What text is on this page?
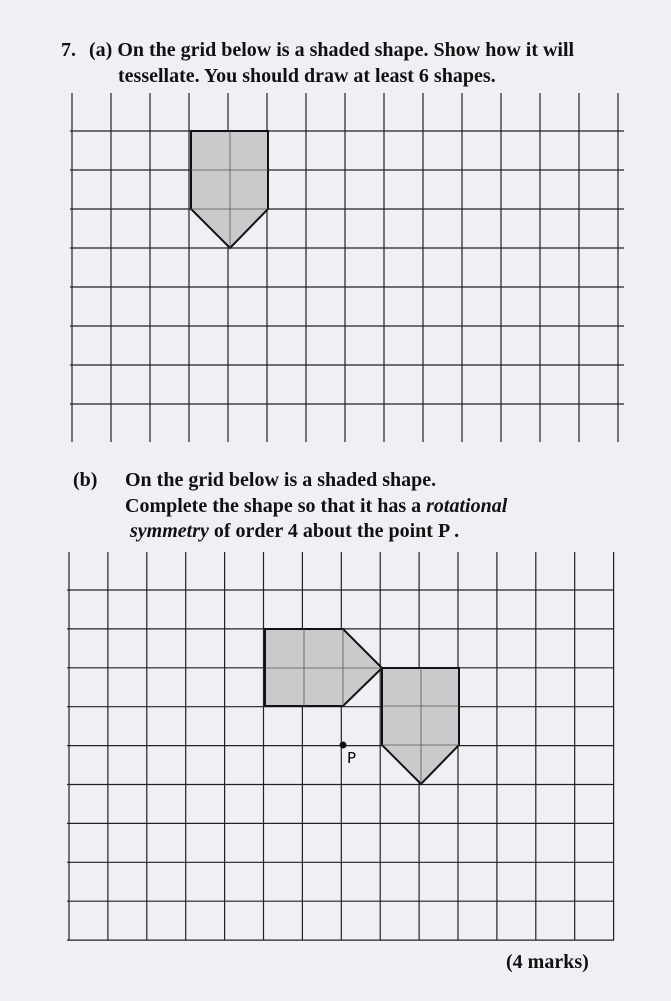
7. (a) On the grid below is a shaded shape. Show how it will
tessellate. You should draw at least 6 shapes.
(b) On the grid below is a shaded shape.
Complete the shape so that it has a rotational
symmetry of order 4 about the point P .
P
(4 marks)
